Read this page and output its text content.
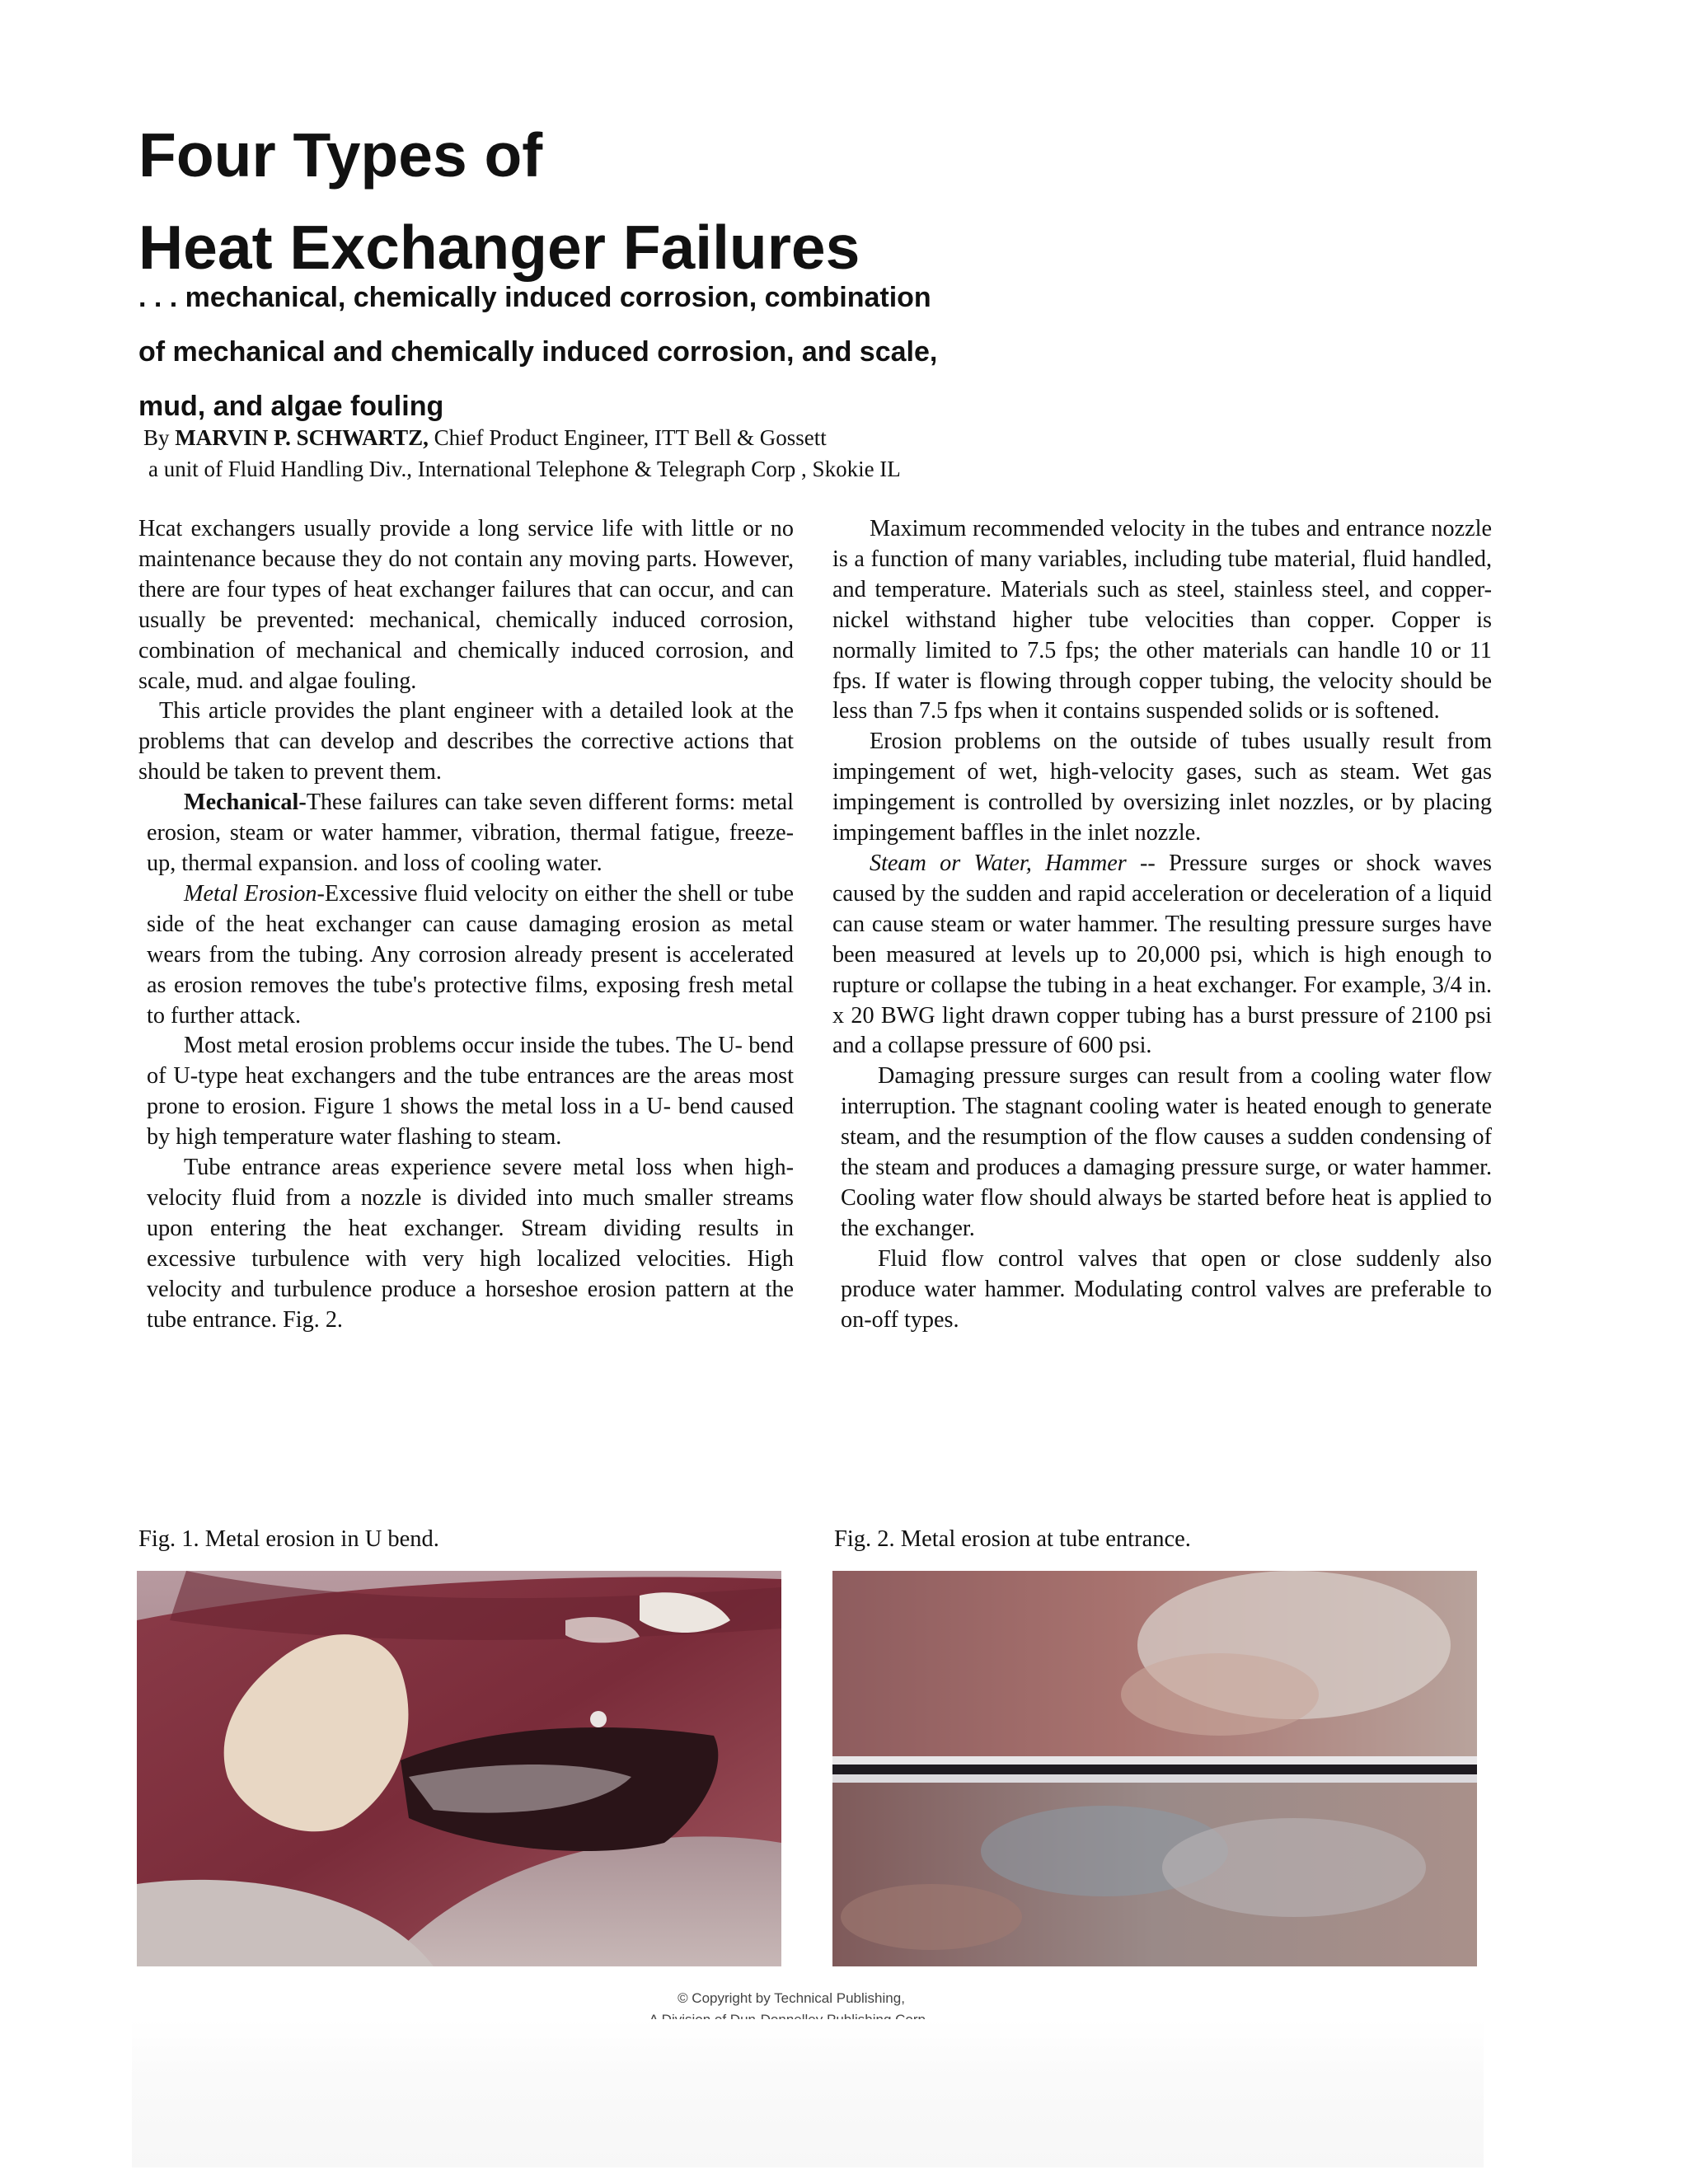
Four Types of
Heat Exchanger Failures
. . . mechanical, chemically induced corrosion, combination
of mechanical and chemically induced corrosion, and scale,
mud, and algae fouling
By MARVIN P. SCHWARTZ, Chief Product Engineer, ITT Bell & Gossett
a unit of Fluid Handling Div., International Telephone & Telegraph Corp , Skokie IL

Hcat exchangers usually provide a long service life with little or no maintenance because they do not contain any moving parts. However, there are four types of heat exchanger failures that can occur, and can usually be prevented: mechanical, chemically induced corrosion, combination of mechanical and chemically induced corrosion, and scale, mud. and algae fouling.

This article provides the plant engineer with a detailed look at the problems that can develop and describes the corrective actions that should be taken to prevent them.

Mechanical-These failures can take seven different forms: metal erosion, steam or water hammer, vibration, thermal fatigue, freeze-up, thermal expansion. and loss of cooling water.

Metal Erosion-Excessive fluid velocity on either the shell or tube side of the heat exchanger can cause damaging erosion as metal wears from the tubing. Any corrosion already present is accelerated as erosion removes the tube's protective films, exposing fresh metal to further attack.

Most metal erosion problems occur inside the tubes. The U- bend of U-type heat exchangers and the tube entrances are the areas most prone to erosion. Figure 1 shows the metal loss in a U- bend caused by high temperature water flashing to steam.

Tube entrance areas experience severe metal loss when high-velocity fluid from a nozzle is divided into much smaller streams upon entering the heat exchanger. Stream dividing results in excessive turbulence with very high localized velocities. High velocity and turbulence produce a horseshoe erosion pattern at the tube entrance. Fig. 2.

Maximum recommended velocity in the tubes and entrance nozzle is a function of many variables, including tube material, fluid handled, and temperature. Materials such as steel, stainless steel, and copper-nickel withstand higher tube velocities than copper. Copper is normally limited to 7.5 fps; the other materials can handle 10 or 11 fps. If water is flowing through copper tubing, the velocity should be less than 7.5 fps when it contains suspended solids or is softened.

Erosion problems on the outside of tubes usually result from impingement of wet, high-velocity gases, such as steam. Wet gas impingement is controlled by oversizing inlet nozzles, or by placing impingement baffles in the inlet nozzle.

Steam or Water, Hammer -- Pressure surges or shock waves caused by the sudden and rapid acceleration or deceleration of a liquid can cause steam or water hammer. The resulting pressure surges have been measured at levels up to 20,000 psi, which is high enough to rupture or collapse the tubing in a heat exchanger. For example, 3/4 in. x 20 BWG light drawn copper tubing has a burst pressure of 2100 psi and a collapse pressure of 600 psi.

Damaging pressure surges can result from a cooling water flow interruption. The stagnant cooling water is heated enough to generate steam, and the resumption of the flow causes a sudden condensing of the steam and produces a damaging pressure surge, or water hammer. Cooling water flow should always be started before heat is applied to the exchanger.

Fluid flow control valves that open or close suddenly also produce water hammer. Modulating control valves are preferable to on-off types.

Fig. 1. Metal erosion in U bend.	Fig. 2. Metal erosion at tube entrance.
© Copyright by Technical Publishing,
